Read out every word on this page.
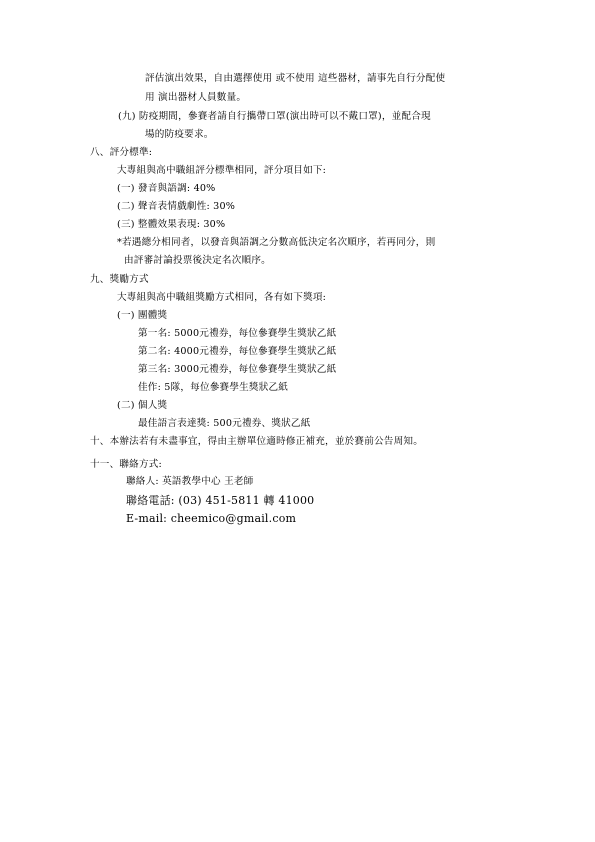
評估演出效果，自由選擇使用 或不使用 這些器材，請事先自行分配使
用 演出器材人員數量。
(九) 防疫期間，參賽者請自行攜帶口罩(演出時可以不戴口罩)，並配合現
場的防疫要求。
八、評分標準:
大專組與高中職組評分標準相同，評分項目如下:
(一) 發音與語調: 40%
(二) 聲音表情戲劇性: 30%
(三) 整體效果表現: 30%
*若遇總分相同者，以發音與語調之分數高低決定名次順序，若再同分，則
由評審討論投票後決定名次順序。
九、獎勵方式
大專組與高中職組獎勵方式相同，各有如下獎項:
(一) 團體獎
第一名: 5000元禮券，每位參賽學生獎狀乙紙
第二名: 4000元禮券，每位參賽學生獎狀乙紙
第三名: 3000元禮券，每位參賽學生獎狀乙紙
佳作: 5隊，每位參賽學生獎狀乙紙
(二) 個人獎
最佳語言表達獎: 500元禮券、獎狀乙紙
十、本辦法若有未盡事宜，得由主辦單位適時修正補充，並於賽前公告周知。
十一、聯絡方式:
聯絡人: 英語教學中心 王老師
聯絡電話: (03) 451-5811 轉 41000
E-mail: cheemico@gmail.com
